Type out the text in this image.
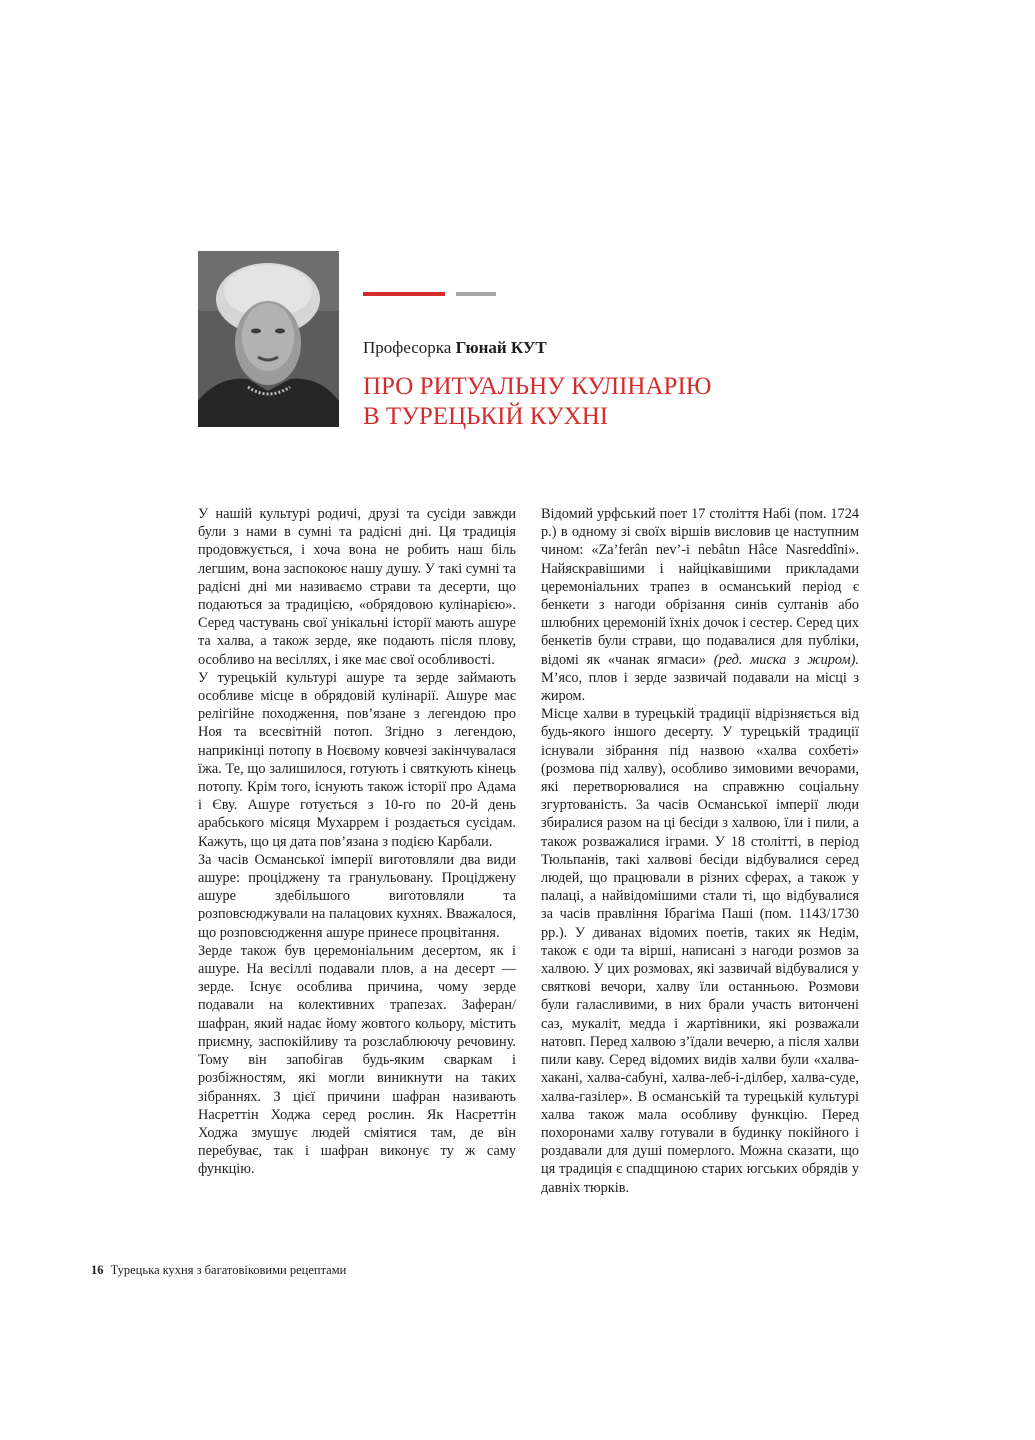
Професорка Гюнай КУТ
ПРО РИТУАЛЬНУ КУЛІНАРІЮ
В ТУРЕЦЬКІЙ КУХНІ

У нашій культурі родичі, друзі та сусіди завжди були з нами в сумні та радісні дні. Ця традиція продовжується, і хоча вона не робить наш біль легшим, вона заспокоює нашу душу. У такі сумні та радісні дні ми називаємо страви та десерти, що подаються за традицією, «обрядовою кулінарією». Серед частувань свої унікальні історії мають ашуре та халва, а також зерде, яке подають після плову, особливо на весіллях, і яке має свої особливості.

У турецькій культурі ашуре та зерде займають особливе місце в обрядовій кулінарії. Ашуре має релігійне походження, пов’язане з легендою про Ноя та всесвітній потоп. Згідно з легендою, наприкінці потопу в Ноєвому ковчезі закінчувалася їжа. Те, що залишилося, готують і святкують кінець потопу. Крім того, існують також історії про Адама і Єву. Ашуре готується з 10-го по 20-й день арабського місяця Мухаррем і роздається сусідам. Кажуть, що ця дата пов’язана з подією Карбали.

За часів Османської імперії виготовляли два види ашуре: проціджену та гранульовану. Проціджену ашуре здебільшого виготовляли та розповсюджували на палацових кухнях. Вважалося, що розповсюдження ашуре принесе процвітання.

Зерде також був церемоніальним десертом, як і ашуре. На весіллі подавали плов, а на десерт — зерде. Існує особлива причина, чому зерде подавали на колективних трапезах. Заферан/шафран, який надає йому жовтого кольору, містить приємну, заспокійливу та розслаблюючу речовину. Тому він запобігав будь-яким сваркам і розбіжностям, які могли виникнути на таких зібраннях. З цієї причини шафран називають Насреттін Ходжа серед рослин. Як Насреттін Ходжа змушує людей сміятися там, де він перебуває, так і шафран виконує ту ж саму функцію.

Відомий урфський поет 17 століття Набі (пом. 1724 р.) в одному зі своїх віршів висловив це наступним чином: «Za’ferân nev’-i nebâtın Hâce Nasreddîni». Найяскравішими і найцікавішими прикладами церемоніальних трапез в османський період є бенкети з нагоди обрізання синів султанів або шлюбних церемоній їхніх дочок і сестер. Серед цих бенкетів були страви, що подавалися для публіки, відомі як «чанак ягмаси» (ред. миска з жиром). М’ясо, плов і зерде зазвичай подавали на місці з жиром.

Місце халви в турецькій традиції відрізняється від будь-якого іншого десерту. У турецькій традиції існували зібрання під назвою «халва сохбеті» (розмова під халву), особливо зимовими вечорами, які перетворювалися на справжню соціальну згуртованість. За часів Османської імперії люди збиралися разом на ці бесіди з халвою, їли і пили, а також розважалися іграми. У 18 столітті, в період Тюльпанів, такі халвові бесіди відбувалися серед людей, що працювали в різних сферах, а також у палаці, а найвідомішими стали ті, що відбувалися за часів правління Ібрагіма Паші (пом. 1143/1730 рр.). У диванах відомих поетів, таких як Недім, також є оди та вірші, написані з нагоди розмов за халвою. У цих розмовах, які зазвичай відбувалися у святкові вечори, халву їли останньою. Розмови були галасливими, в них брали участь витончені саз, мукаліт, медда і жартівники, які розважали натовп. Перед халвою з’їдали вечерю, а після халви пили каву. Серед відомих видів халви були «халва-хакані, халва-сабуні, халва-леб-і-ділбер, халва-суде, халва-газілер». В османській та турецькій культурі халва також мала особливу функцію. Перед похоронами халву готували в будинку покійного і роздавали для душі померлого. Можна сказати, що ця традиція є спадщиною старих югських обрядів у давніх тюрків.

16 Турецька кухня з багатовіковими рецептами
